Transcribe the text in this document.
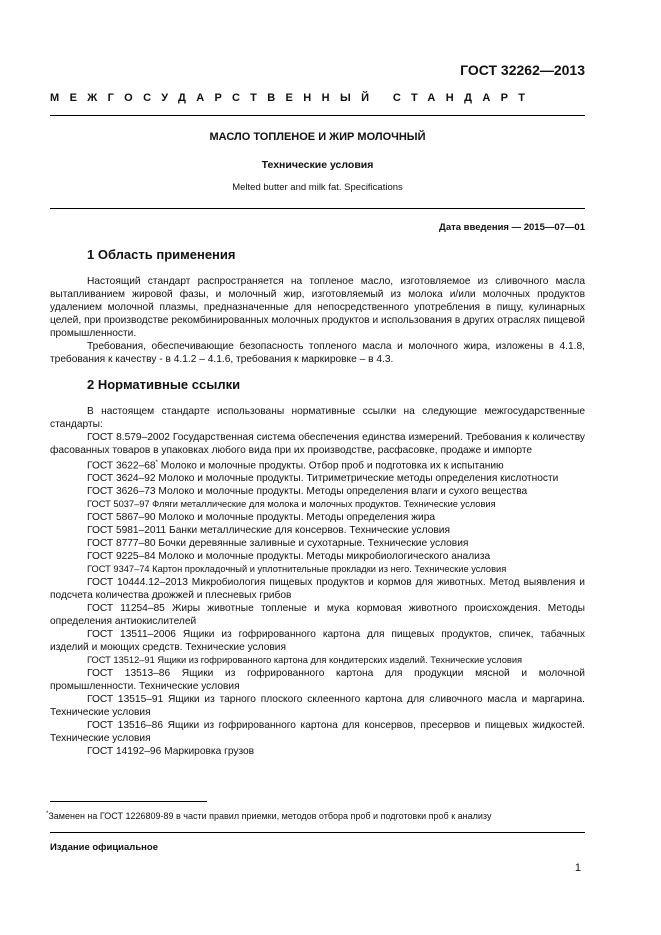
ГОСТ 32262—2013
МЕЖГОСУДАРСТВЕННЫЙ СТАНДАРТ
МАСЛО ТОПЛЕНОЕ И ЖИР МОЛОЧНЫЙ
Технические условия
Melted butter and milk fat. Specifications
Дата введения — 2015—07—01
1 Область применения

Настоящий стандарт распространяется на топленое масло, изготовляемое из сливочного масла вытапливанием жировой фазы, и молочный жир, изготовляемый из молока и/или молочных продуктов удалением молочной плазмы, предназначенные для непосредственного употребления в пищу, кулинарных целей, при производстве рекомбинированных молочных продуктов и использования в других отраслях пищевой промышленности.

Требования, обеспечивающие безопасность топленого масла и молочного жира, изложены в 4.1.8, требования к качеству - в 4.1.2 – 4.1.6, требования к маркировке – в 4.3.

2 Нормативные ссылки

В настоящем стандарте использованы нормативные ссылки на следующие межгосударственные стандарты:

ГОСТ 8.579–2002 Государственная система обеспечения единства измерений. Требования к количеству фасованных товаров в упаковках любого вида при их производстве, расфасовке, продаже и импорте

ГОСТ 3622–68* Молоко и молочные продукты. Отбор проб и подготовка их к испытанию

ГОСТ 3624–92 Молоко и молочные продукты. Титриметрические методы определения кислотности

ГОСТ 3626–73 Молоко и молочные продукты. Методы определения влаги и сухого вещества

ГОСТ 5037–97 Фляги металлические для молока и молочных продуктов. Технические условия

ГОСТ 5867–90 Молоко и молочные продукты. Методы определения жира

ГОСТ 5981–2011 Банки металлические для консервов. Технические условия

ГОСТ 8777–80 Бочки деревянные заливные и сухотарные. Технические условия

ГОСТ 9225–84 Молоко и молочные продукты. Методы микробиологического анализа

ГОСТ 9347–74 Картон прокладочный и уплотнительные прокладки из него. Технические условия

ГОСТ 10444.12–2013 Микробиология пищевых продуктов и кормов для животных. Метод выявления и подсчета количества дрожжей и плесневых грибов

ГОСТ 11254–85 Жиры животные топленые и мука кормовая животного происхождения. Методы определения антиокислителей

ГОСТ 13511–2006 Ящики из гофрированного картона для пищевых продуктов, спичек, табачных изделий и моющих средств. Технические условия

ГОСТ 13512–91 Ящики из гофрированного картона для кондитерских изделий. Технические условия

ГОСТ 13513–86 Ящики из гофрированного картона для продукции мясной и молочной промышленности. Технические условия

ГОСТ 13515–91 Ящики из тарного плоского склеенного картона для сливочного масла и маргарина. Технические условия

ГОСТ 13516–86 Ящики из гофрированного картона для консервов, пресервов и пищевых жидкостей. Технические условия

ГОСТ 14192–96 Маркировка грузов

*Заменен на ГОСТ 1226809-89 в части правил приемки, методов отбора проб и подготовки проб к анализу
Издание официальное
1
